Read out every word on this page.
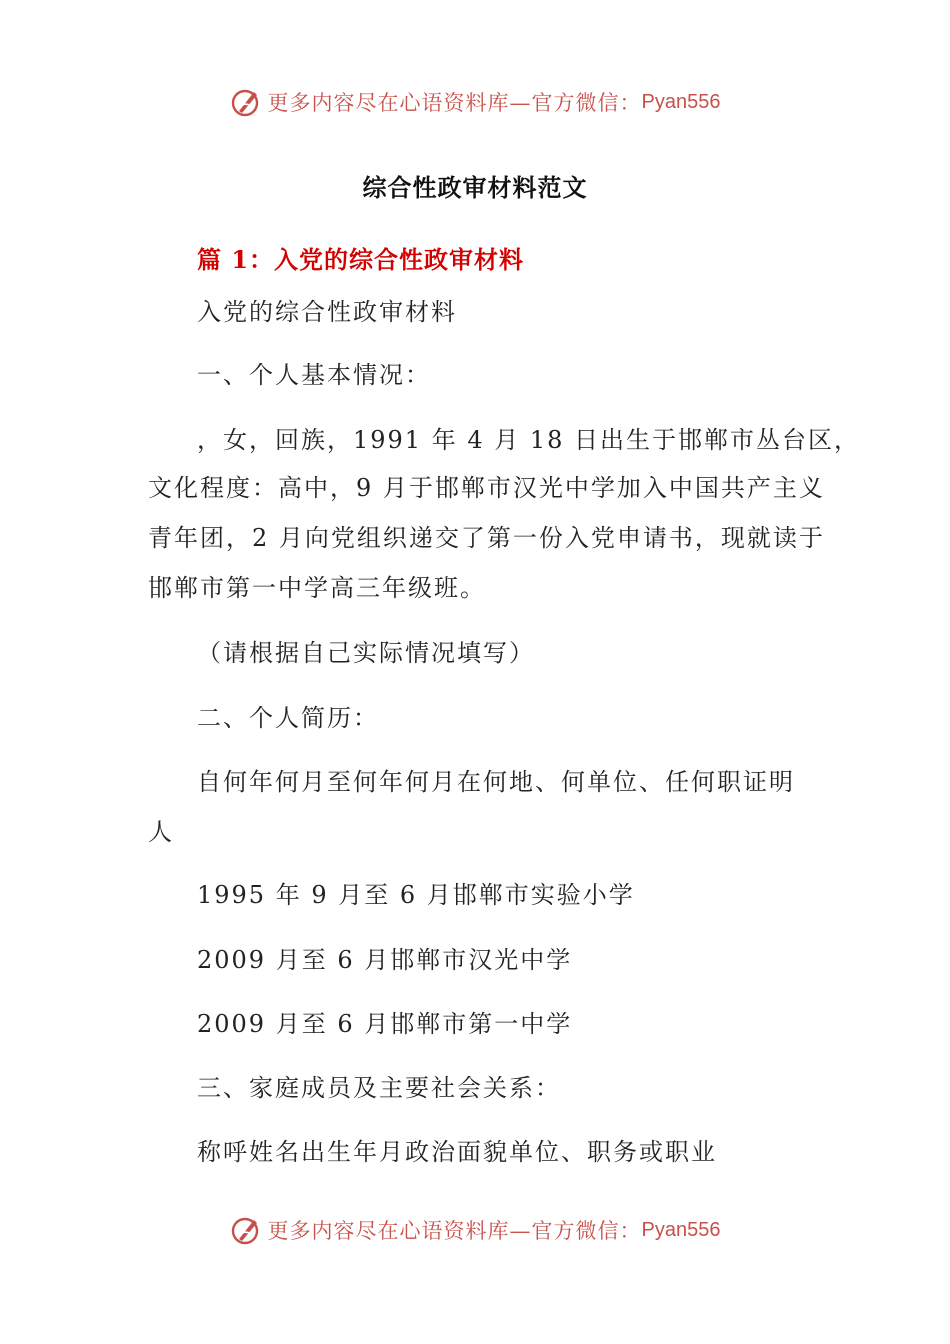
更多内容尽在心语资料库—官方微信： Pyan556
综合性政审材料范文
篇 1：入党的综合性政审材料
入党的综合性政审材料
一、个人基本情况：
，女，回族，1991 年 4 月 18 日出生于邯郸市丛台区，
文化程度：高中，9 月于邯郸市汉光中学加入中国共产主义
青年团，2 月向党组织递交了第一份入党申请书，现就读于
邯郸市第一中学高三年级班。
（请根据自己实际情况填写）
二、个人简历：
自何年何月至何年何月在何地、何单位、任何职证明
人
1995 年 9 月至 6 月邯郸市实验小学
2009 月至 6 月邯郸市汉光中学
2009 月至 6 月邯郸市第一中学
三、家庭成员及主要社会关系：
称呼姓名出生年月政治面貌单位、职务或职业
更多内容尽在心语资料库—官方微信： Pyan556
